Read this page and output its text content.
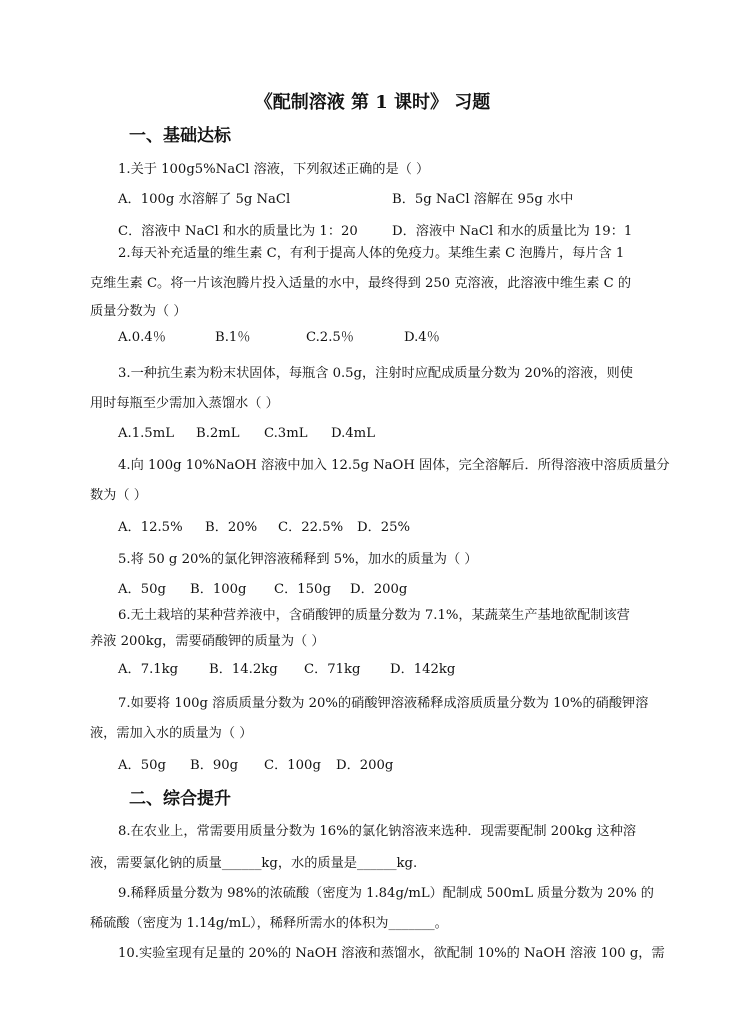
《配制溶液 第 1 课时》 习题
一、基础达标
1.关于 100g5%NaCl 溶液，下列叙述正确的是（ ）
A．100g 水溶解了 5g NaCl	B．5g NaCl 溶解在 95g 水中
C．溶液中 NaCl 和水的质量比为 1：20	D．溶液中 NaCl 和水的质量比为 19：1
2.每天补充适量的维生素 C，有利于提高人体的免疫力。某维生素 C 泡腾片，每片含 1
克维生素 C。将一片该泡腾片投入适量的水中，最终得到 250 克溶液，此溶液中维生素 C 的
质量分数为（ ）
A.0.4％	B.1％	C.2.5％	D.4％
3.一种抗生素为粉末状固体，每瓶含 0.5g，注射时应配成质量分数为 20%的溶液，则使
用时每瓶至少需加入蒸馏水（ ）
A.1.5mL B.2mL C.3mL D.4mL
4.向 100g 10%NaOH 溶液中加入 12.5g NaOH 固体，完全溶解后．所得溶液中溶质质量分
数为（ ）
A．12.5% B．20% C．22.5% D．25%
5.将 50 g 20%的氯化钾溶液稀释到 5%，加水的质量为（ ）
A．50g B．100g C．150g D．200g
6.无土栽培的某种营养液中，含硝酸钾的质量分数为 7.1%，某蔬菜生产基地欲配制该营
养液 200kg，需要硝酸钾的质量为（ ）
A．7.1kg B．14.2kg C．71kg D．142kg
7.如要将 100g 溶质质量分数为 20%的硝酸钾溶液稀释成溶质质量分数为 10%的硝酸钾溶
液，需加入水的质量为（ ）
A．50g B．90g C．100g D．200g
二、综合提升
8.在农业上，常需要用质量分数为 16%的氯化钠溶液来选种．现需要配制 200kg 这种溶
液，需要氯化钠的质量______kg，水的质量是______kg.
9.稀释质量分数为 98%的浓硫酸（密度为 1.84g/mL）配制成 500mL 质量分数为 20% 的
稀硫酸（密度为 1.14g/mL），稀释所需水的体积为_______。
10.实验室现有足量的 20%的 NaOH 溶液和蒸馏水，欲配制 10%的 NaOH 溶液 100 g，需
